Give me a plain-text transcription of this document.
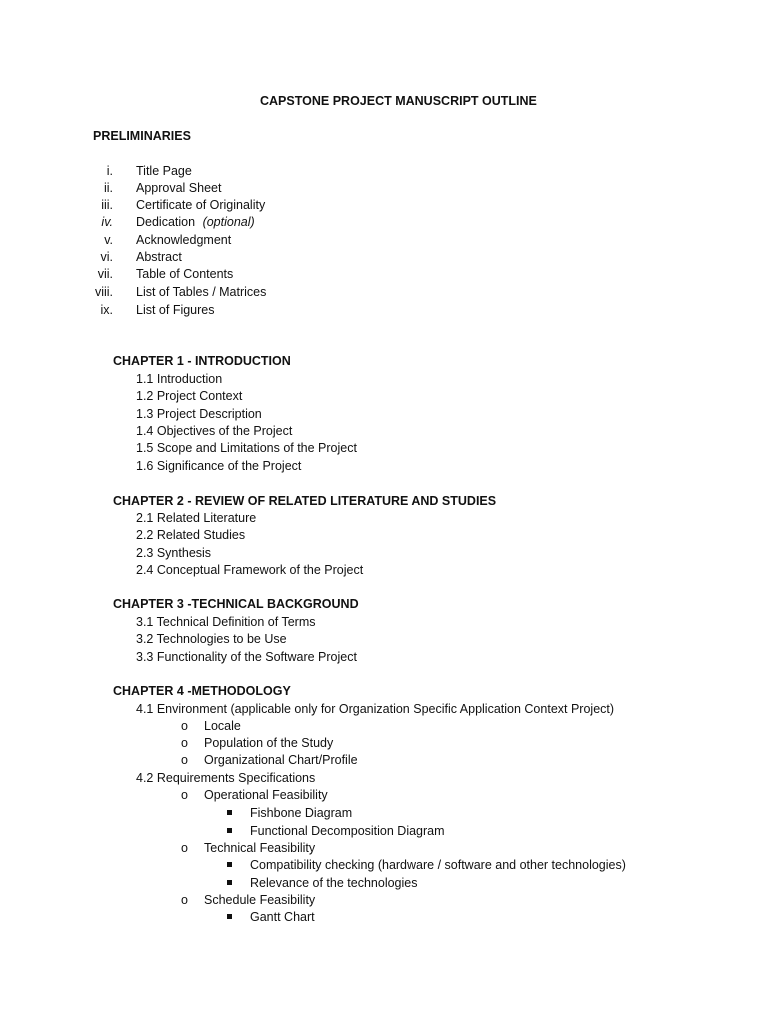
CAPSTONE PROJECT MANUSCRIPT OUTLINE
PRELIMINARIES
i. Title Page
ii. Approval Sheet
iii. Certificate of Originality
iv. Dedication (optional)
v. Acknowledgment
vi. Abstract
vii. Table of Contents
viii. List of Tables / Matrices
ix. List of Figures
CHAPTER 1 - INTRODUCTION
1.1 Introduction
1.2 Project Context
1.3 Project Description
1.4 Objectives of the Project
1.5 Scope and Limitations of the Project
1.6 Significance of the Project
CHAPTER 2 - REVIEW OF RELATED LITERATURE AND STUDIES
2.1 Related Literature
2.2 Related Studies
2.3 Synthesis
2.4 Conceptual Framework of the Project
CHAPTER 3 -TECHNICAL BACKGROUND
3.1 Technical Definition of Terms
3.2 Technologies to be Use
3.3 Functionality of the Software Project
CHAPTER 4 -METHODOLOGY
4.1 Environment (applicable only for Organization Specific Application Context Project)
o Locale
o Population of the Study
o Organizational Chart/Profile
4.2 Requirements Specifications
o Operational Feasibility
Fishbone Diagram
Functional Decomposition Diagram
o Technical Feasibility
Compatibility checking (hardware / software and other technologies)
Relevance of the technologies
o Schedule Feasibility
Gantt Chart
